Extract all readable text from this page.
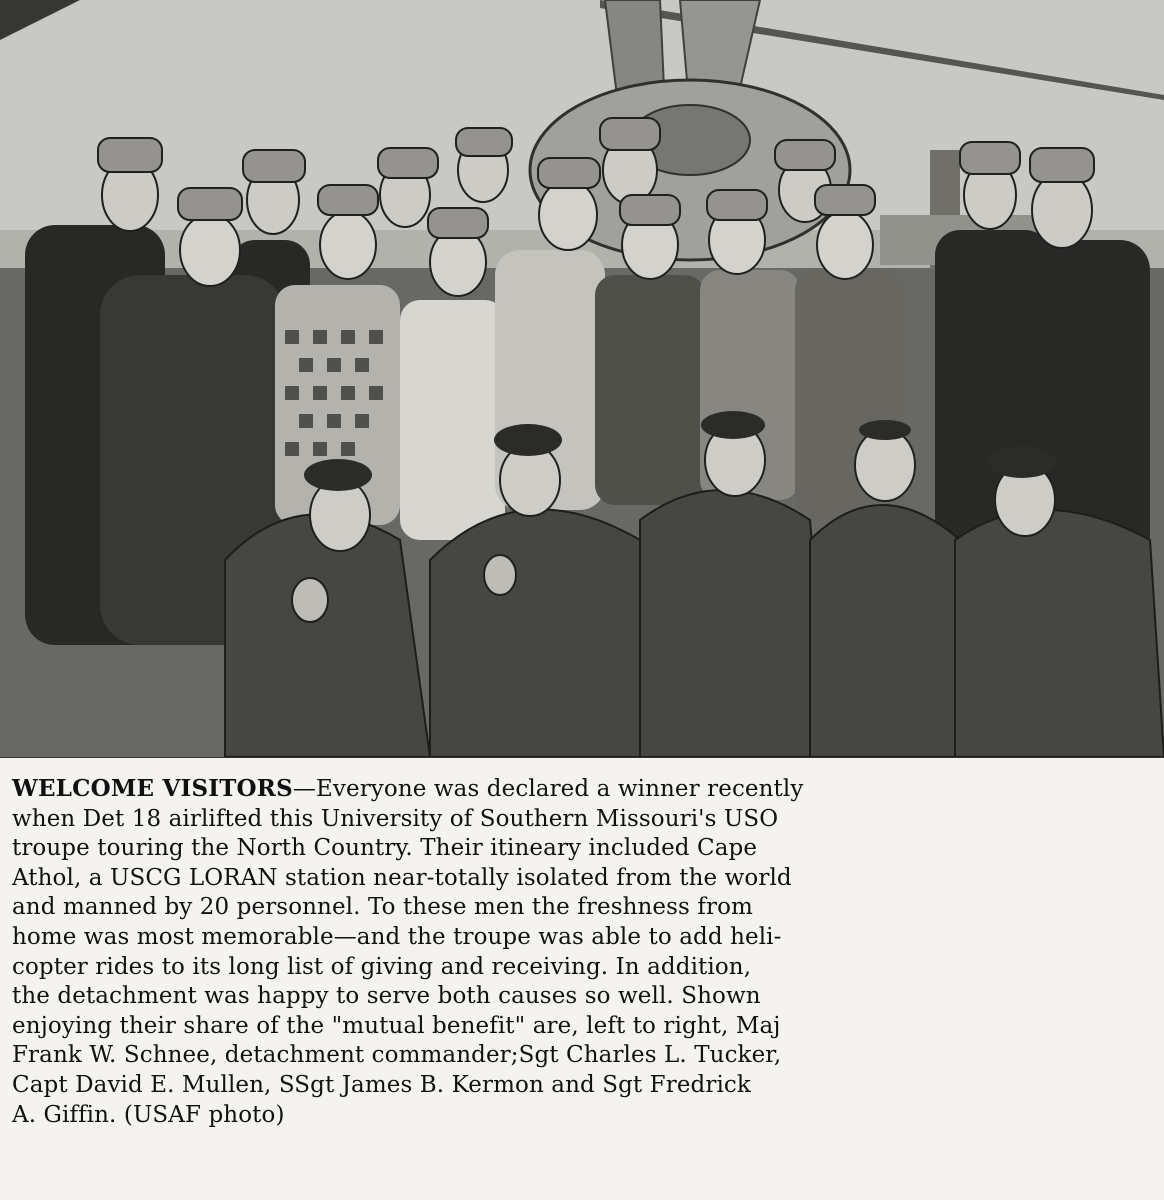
WELCOME VISITORS—Everyone was declared a winner recently
when Det 18 airlifted this University of Southern Missouri's USO
troupe touring the North Country. Their itineary included Cape
Athol, a USCG LORAN station near-totally isolated from the world
and manned by 20 personnel. To these men the freshness from
home was most memorable—and the troupe was able to add heli-
copter rides to its long list of giving and receiving. In addition,
the detachment was happy to serve both causes so well. Shown
enjoying their share of the "mutual benefit" are, left to right, Maj
Frank W. Schnee, detachment commander;Sgt Charles L. Tucker,
Capt David E. Mullen, SSgt James B. Kermon and Sgt Fredrick
A. Giffin. (USAF photo)
